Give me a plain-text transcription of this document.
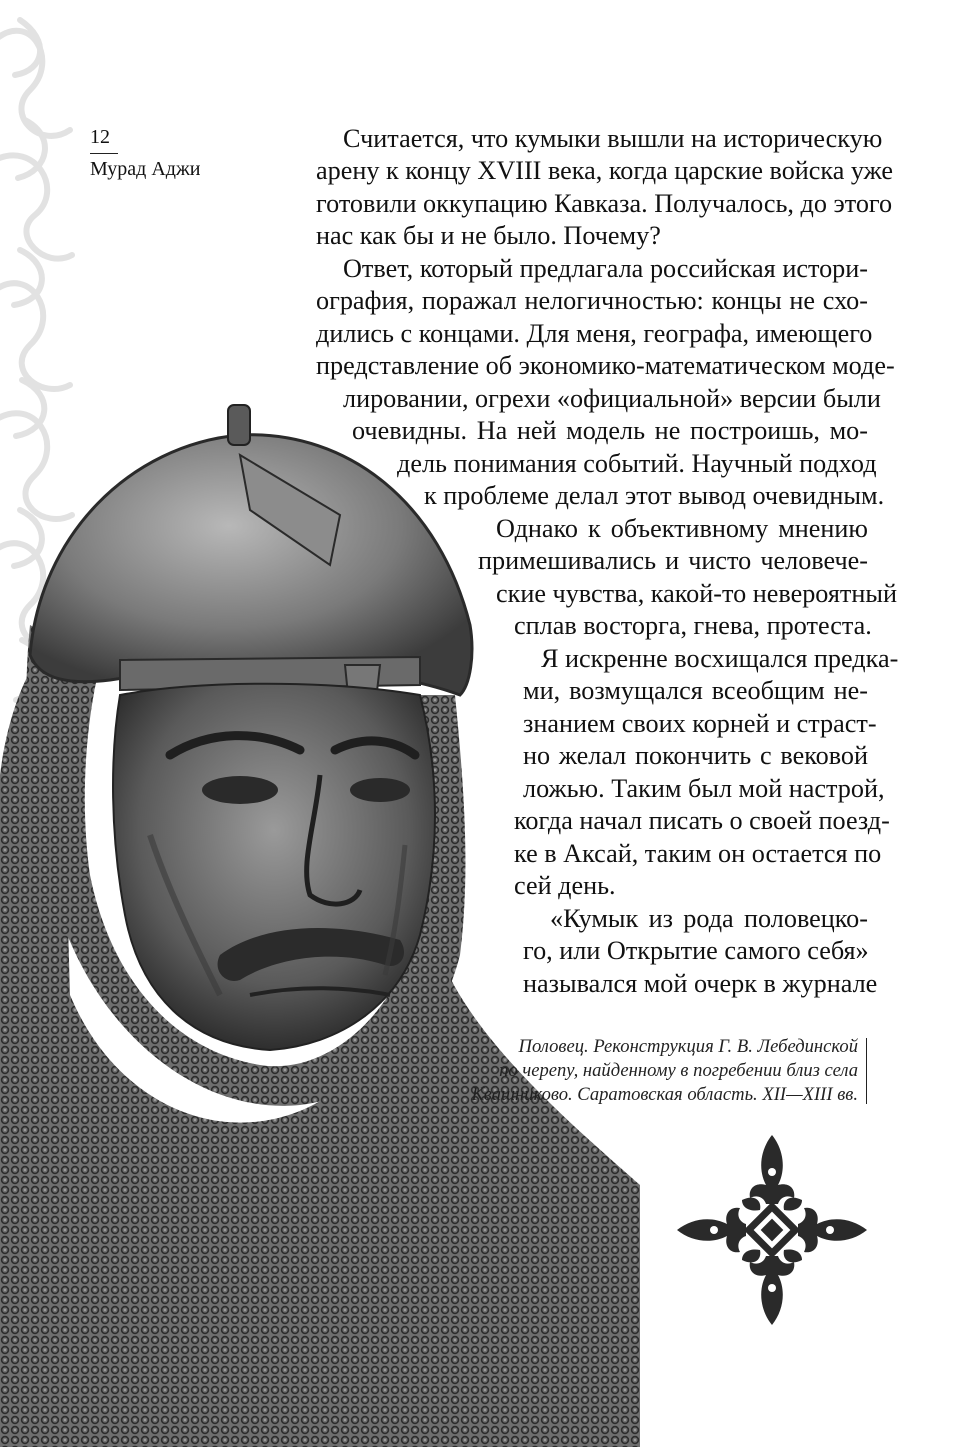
12
Мурад Аджи
Считается, что кумыки вышли на историческую
арену к концу XVIII века, когда царские войска уже
готовили оккупацию Кавказа. Получалось, до этого
нас как бы и не было. Почему?
Ответ, который предлагала российская истори-
ография, поражал нелогичностью: концы не схо-
дились с концами. Для меня, географа, имеющего
представление об экономико-математическом моде-
лировании, огрехи «официальной» версии были
очевидны. На ней модель не построишь, мо-
дель понимания событий. Научный подход
к проблеме делал этот вывод очевидным.
Однако к объективному мнению
примешивались и чисто человече-
ские чувства, какой-то невероятный
сплав восторга, гнева, протеста.
Я искренне восхищался предка-
ми, возмущался всеобщим не-
знанием своих корней и страст-
но желал покончить с вековой
ложью. Таким был мой настрой,
когда начал писать о своей поезд-
ке в Аксай, таким он остается по
сей день.
«Кумык из рода половецко-
го, или Открытие самого себя»
назывался мой очерк в журнале
Половец. Реконструкция Г. В. Лебединской
по черепу, найденному в погребении близ села
Квашниково. Саратовская область. XII—XIII вв.
